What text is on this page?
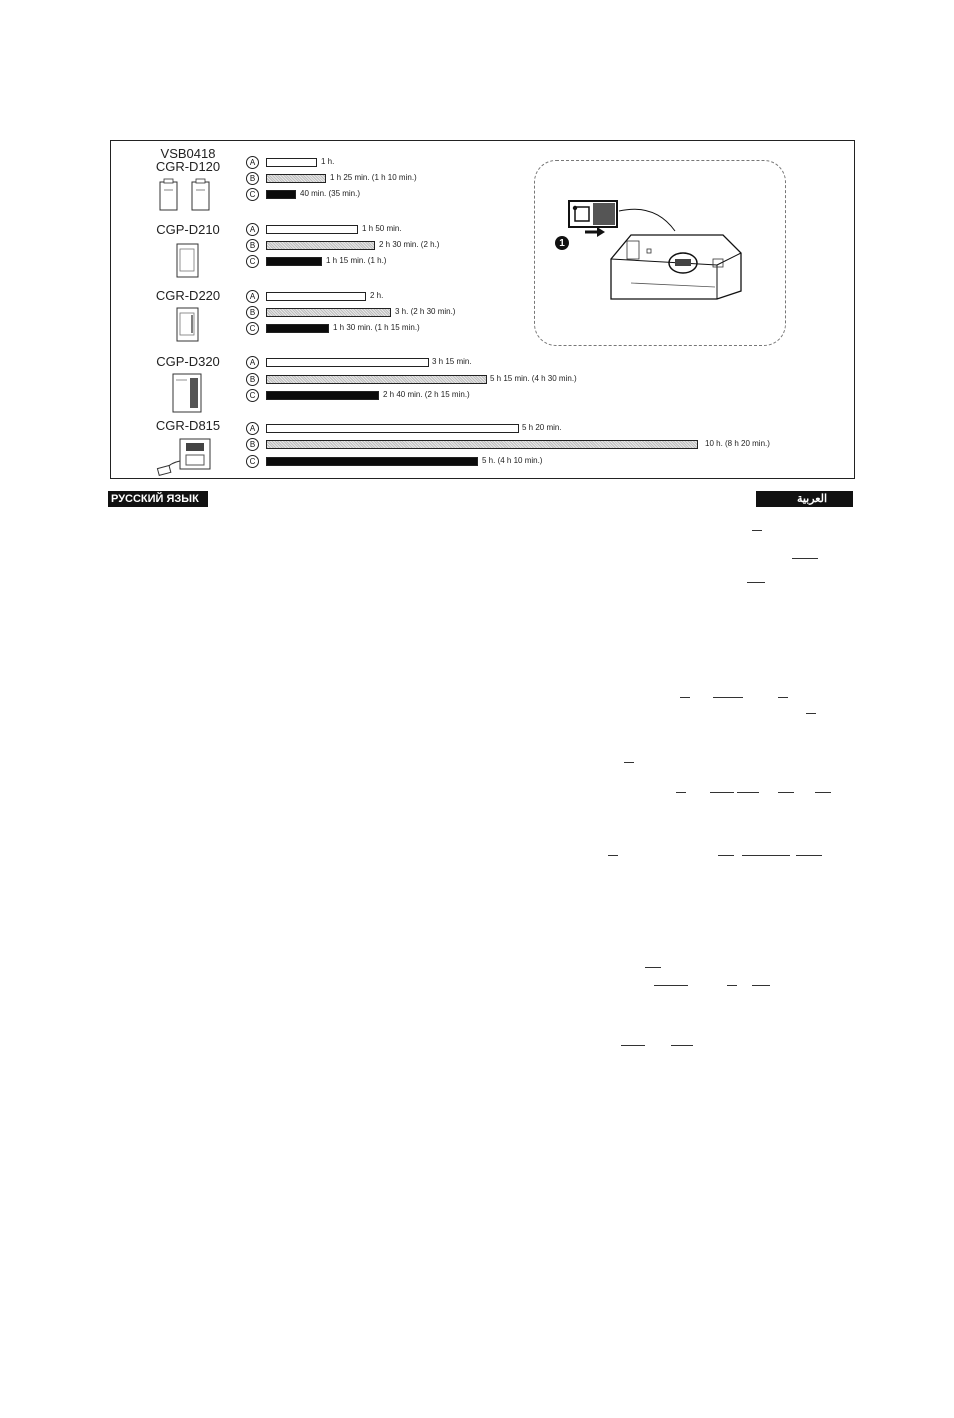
VSB0418
CGR-D120	A	1 h.
B	1 h 25 min. (1 h 10 min.)
C	40 min. (35 min.)
CGP-D210	A	1 h 50 min.
B	2 h 30 min. (2 h.)
C	1 h 15 min. (1 h.)
CGR-D220	A	2 h.
B	3 h. (2 h 30 min.)
C	1 h 30 min. (1 h 15 min.)
CGP-D320	A	3 h 15 min.
B	5 h 15 min. (4 h 30 min.)
C	2 h 40 min. (2 h 15 min.)
CGR-D815	A	5 h 20 min.
B	10 h. (8 h 20 min.)
C	5 h. (4 h 10 min.)
1
РУССКИЙ ЯЗЫК	العربية
